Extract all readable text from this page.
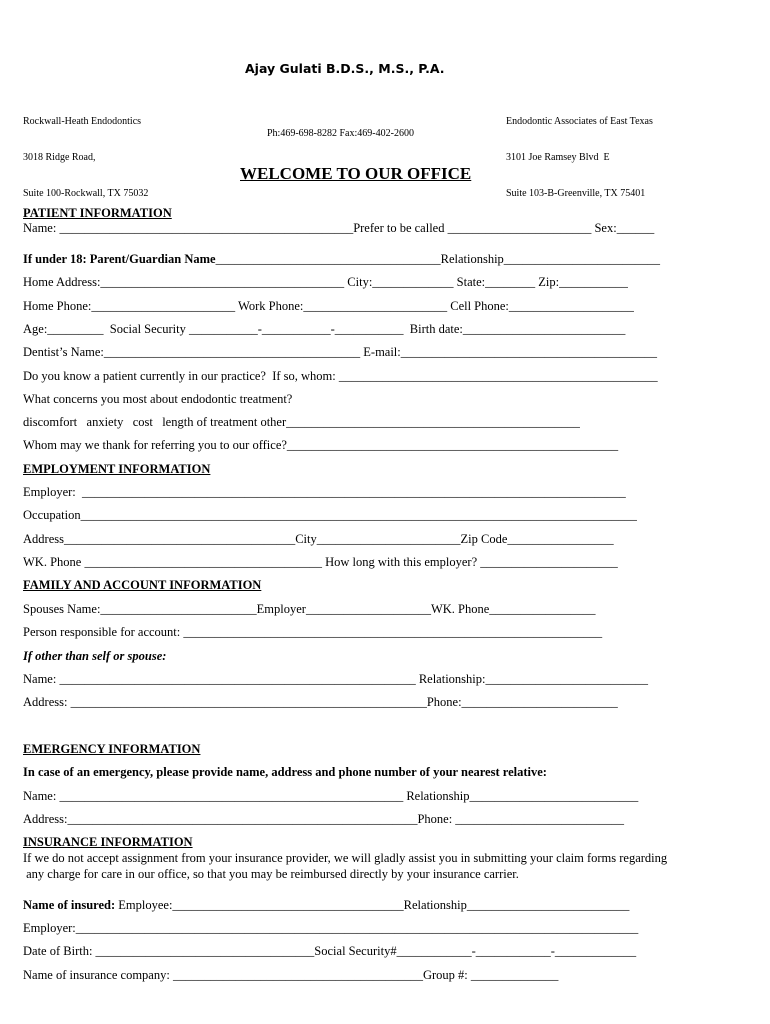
Ajay Gulati B.D.S., M.S., P.A.

Rockwall-Heath Endodontics

3018 Ridge Road,

Suite 100-Rockwall, TX 75032

Endodontic Associates of East Texas

3101 Joe Ramsey Blvd  E

Suite 103-B-Greenville, TX 75401

Ph:469-698-8282 Fax:469-402-2600
WELCOME TO OUR OFFICE
PATIENT INFORMATION
Name: _______________________________________________Prefer to be called _______________________ Sex:______
If under 18: Parent/Guardian Name____________________________________Relationship_________________________
Home Address:_______________________________________ City:_____________ State:________ Zip:___________
Home Phone:_______________________ Work Phone:_______________________ Cell Phone:____________________
Age:_________  Social Security ___________-___________-___________  Birth date:__________________________
Dentist’s Name:_________________________________________ E-mail:_________________________________________
Do you know a patient currently in our practice?  If so, whom: ___________________________________________________
What concerns you most about endodontic treatment?
discomfort   anxiety   cost   length of treatment other_______________________________________________
Whom may we thank for referring you to our office?_____________________________________________________
EMPLOYMENT INFORMATION
Employer:  _______________________________________________________________________________________
Occupation_________________________________________________________________________________________
Address_____________________________________City_______________________Zip Code_________________
WK. Phone ______________________________________ How long with this employer? ______________________
FAMILY AND ACCOUNT INFORMATION
Spouses Name:_________________________Employer____________________WK. Phone_________________
Person responsible for account: ___________________________________________________________________
If other than self or spouse:
Name: _________________________________________________________ Relationship:__________________________
Address: _________________________________________________________Phone:_________________________
EMERGENCY INFORMATION
In case of an emergency, please provide name, address and phone number of your nearest relative:
Name: _______________________________________________________ Relationship___________________________
Address:________________________________________________________Phone: ___________________________
INSURANCE INFORMATION
If we do not accept assignment from your insurance provider, we will gladly assist you in submitting your claim forms regarding
any charge for care in our office, so that you may be reimbursed directly by your insurance carrier.
Name of insured: Employee:_____________________________________Relationship__________________________
Employer:__________________________________________________________________________________________
Date of Birth: ___________________________________Social Security#____________-____________-_____________
Name of insurance company: ________________________________________Group #: ______________
